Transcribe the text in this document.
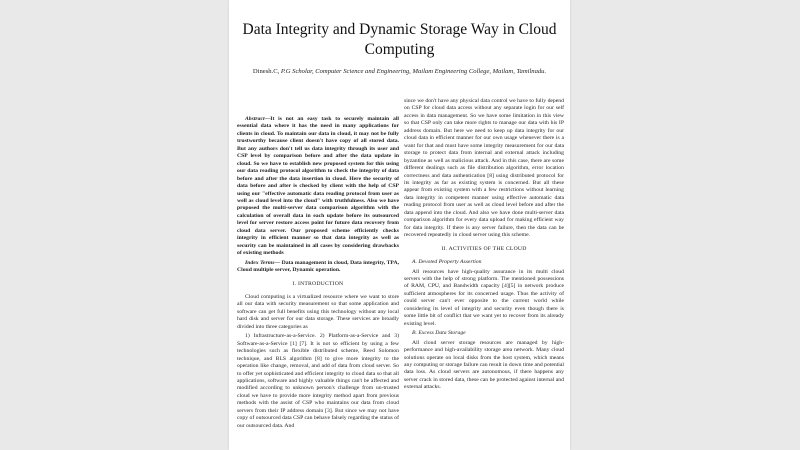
Data Integrity and Dynamic Storage Way in Cloud Computing
Dinesh.C, P.G Scholar, Computer Science and Engineering, Mailam Engineering College, Mailam, Tamilnadu.

Abstract—It is not an easy task to securely maintain all essential data where it has the need in many applications for clients in cloud. To maintain our data in cloud, it may not be fully trustworthy because client doesn't have copy of all stored data. But any authors don't tell us data integrity through its user and CSP level by comparison before and after the data update in cloud. So we have to establish new proposed system for this using our data reading protocol algorithm to check the integrity of data before and after the data insertion in cloud. Here the security of data before and after is checked by client with the help of CSP using our "effective automatic data reading protocol from user as well as cloud level into the cloud" with truthfulness. Also we have proposed the multi-server data comparison algorithm with the calculation of overall data in each update before its outsourced level for server restore access point for future data recovery from cloud data server. Our proposed scheme efficiently checks integrity in efficient manner so that data integrity as well as security can be maintained in all cases by considering drawbacks of existing methods

Index Terms— Data management in cloud, Data integrity, TPA, Cloud multiple server, Dynamic operation.

I. INTRODUCTION

Cloud computing is a virtualized resource where we want to store all our data with security measurement so that some application and software can get full benefits using this technology without any local hard disk and server for our data storage. These services are broadly divided into three categories as

1) Infrastructure-as-a-Service. 2) Platform-as-a-Service and 3) Software-as-a-Service [1] [7]. It is not so efficient by using a few technologies such as flexible distributed scheme, Reed Solomon technique, and BLS algorithm [8] to give more integrity to the operation like change, removal, and add of data from cloud server. So to offer yet sophisticated and efficient integrity to cloud data so that all applications, software and highly valuable things can't be affected and modified according to unknown person's challenge from un-trusted cloud we have to provide more integrity method apart from previous methods with the assist of CSP who maintains our data from cloud servers from their IP address domain [3]. But since we may not have copy of outsourced data CSP can behave falsely regarding the status of our outsourced data. And

since we don't have any physical data control we have to fully depend on CSP for cloud data access without any separate login for our self access in data management. So we have some limitation in this view so that CSP only can take more rights to manage our data with his IP address domain. But here we need to keep up data integrity for our cloud data in efficient manner for our own usage whenever there is a want for that and must have some integrity measurement for our data storage to protect data from internal and external attack including byzantine as well as malicious attack. And in this case, there are some different dealings such as file distribution algorithm, error location correctness and data authentication [8] using distributed protocol for its integrity as far as existing system is concerned. But all these appear from existing system with a few restrictions without learning data integrity in competent manner using effective automatic data reading protocol from user as well as cloud level before and after the data append into the cloud. And also we have done multi-server data comparison algorithm for every data upload for making efficient way for data integrity. If there is any server failure, then the data can be recovered repeatedly in cloud server using this scheme.

II. ACTIVITIES OF THE CLOUD

A. Devoted Property Assertion

All resources have high-quality assurance in its multi cloud servers with the help of strong platform. The mentioned possessions of RAM, CPU, and Bandwidth capacity [4][5] in network produce sufficient atmospheres for its concerned usage. Thus the activity of could server can't ever opposite to the current world while considering its level of integrity and security even though there is some little bit of conflict that we want yet to recover from its already existing level.

B. Excess Data Storage

All cloud server storage resources are managed by high-performance and high-availability storage area network. Many cloud solutions operate on local disks from the host system, which means any computing or storage failure can result in down time and potential data loss. As cloud servers are autonomous, if there happens any server crack in stored data, these can be protected against internal and external attacks.
